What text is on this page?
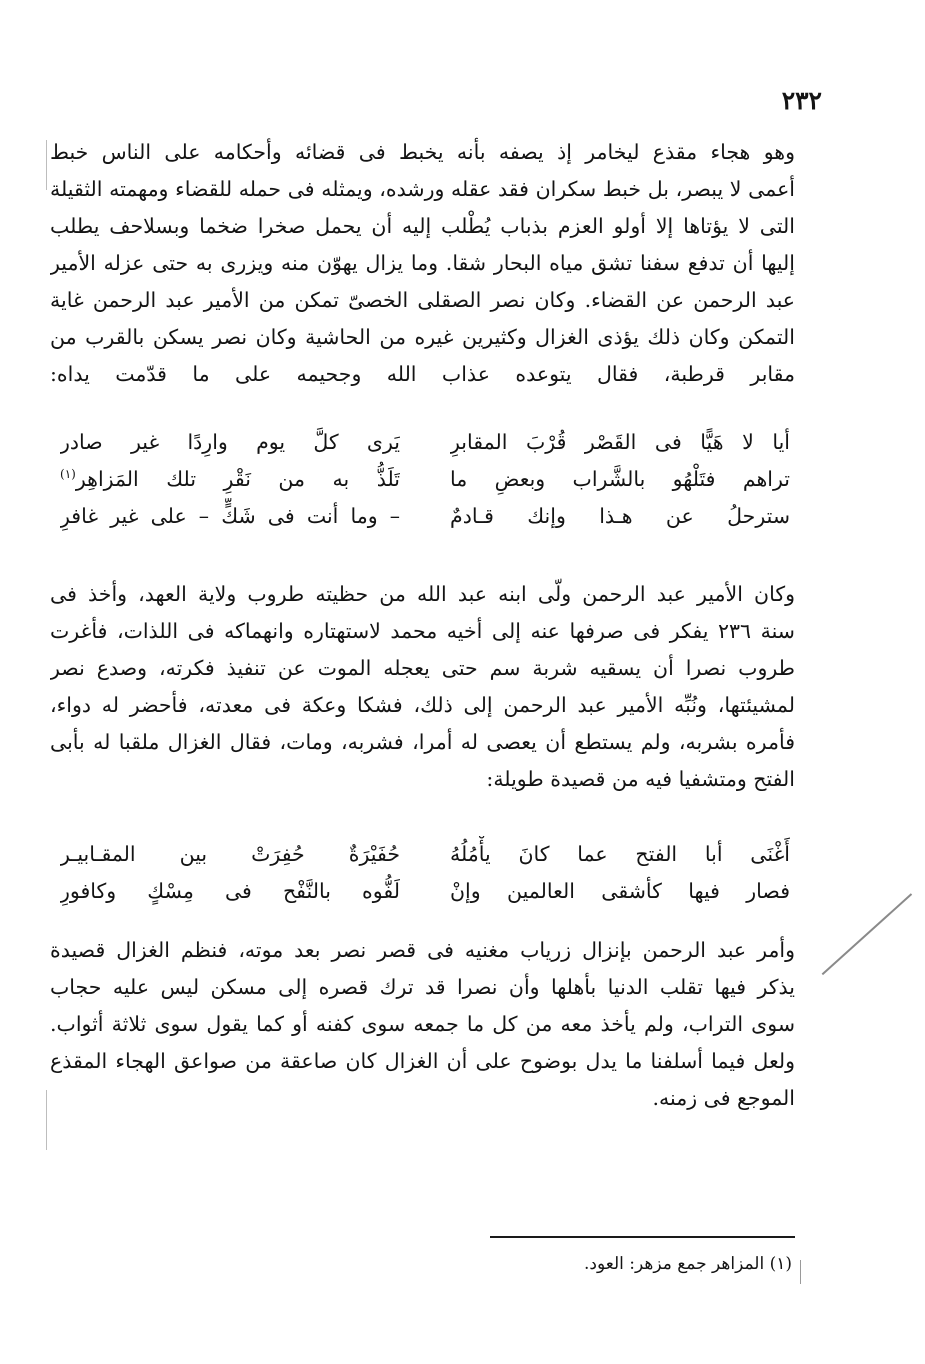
٢٣٢
وهو هجاء مقذع ليخامر إذ يصفه بأنه يخبط فى قضائه وأحكامه على الناس خبط
أعمى لا يبصر، بل خبط سكران فقد عقله ورشده، ويمثله فى حمله للقضاء ومهمته الثقيلة
التى لا يؤتاها إلا أولو العزم بذباب يُطْلب إليه أن يحمل صخرا ضخما وبسلاحف يطلب
إليها أن تدفع سفنا تشق مياه البحار شقا. وما يزال يهوّن منه ويزرى به حتى عزله الأمير
عبد الرحمن عن القضاء. وكان نصر الصقلى الخصىّ تمكن من الأمير عبد الرحمن غاية
التمكن وكان ذلك يؤذى الغزال وكثيرين غيره من الحاشية وكان نصر يسكن بالقرب من
مقابر قرطبة، فقال يتوعده عذاب الله وجحيمه على ما قدّمت يداه:
أيا لا هَيًّا فى القَصْر قُرْبَ المقابرِ
يَرى كلَّ يوم وارِدًا غير صادر
تراهم فتَلْهُو بالشَّراب وبعضِ ما
تَلَذُّ به من نَقْرِ تلك المَزاهِر$^{(١)}$
سترحلُ عن هـذا وإنك قـادمٌ
– وما أنت فى شَكٍّ – على غير غافرِ
وكان الأمير عبد الرحمن ولّى ابنه عبد الله من حظيته طروب ولاية العهد، وأخذ فى
سنة ٢٣٦ يفكر فى صرفها عنه إلى أخيه محمد لاستهتاره وانهماكه فى اللذات، فأغرت
طروب نصرا أن يسقيه شربة سم حتى يعجله الموت عن تنفيذ فكرته، وصدع نصر
لمشيئتها، ونُبِّه الأمير عبد الرحمن إلى ذلك، فشكا وعكة فى معدته، فأحضر له دواء،
فأمره بشربه، ولم يستطع أن يعصى له أمرا، فشربه، ومات، فقال الغزال ملقبا له بأبى
الفتح ومتشفيا فيه من قصيدة طويلة:
أَغْنَى أبا الفتح عما كانَ يأْمُلُهُ
حُفَيْرَةٌ حُفِرَتْ بين المقـابيـر
فصار فيها كأشقى العالمين وإنْ
لَفُّوه بالنَّفْح فى مِسْكٍ وكافورِ
وأمر عبد الرحمن بإنزال زرياب مغنيه فى قصر نصر بعد موته، فنظم الغزال قصيدة
يذكر فيها تقلب الدنيا بأهلها وأن نصرا قد ترك قصره إلى مسكن ليس عليه حجاب
سوى التراب، ولم يأخذ معه من كل ما جمعه سوى كفنه أو كما يقول سوى ثلاثة أثواب.
ولعل فيما أسلفنا ما يدل بوضوح على أن الغزال كان صاعقة من صواعق الهجاء المقذع
الموجع فى زمنه.
(١) المزاهر جمع مزهر: العود.
